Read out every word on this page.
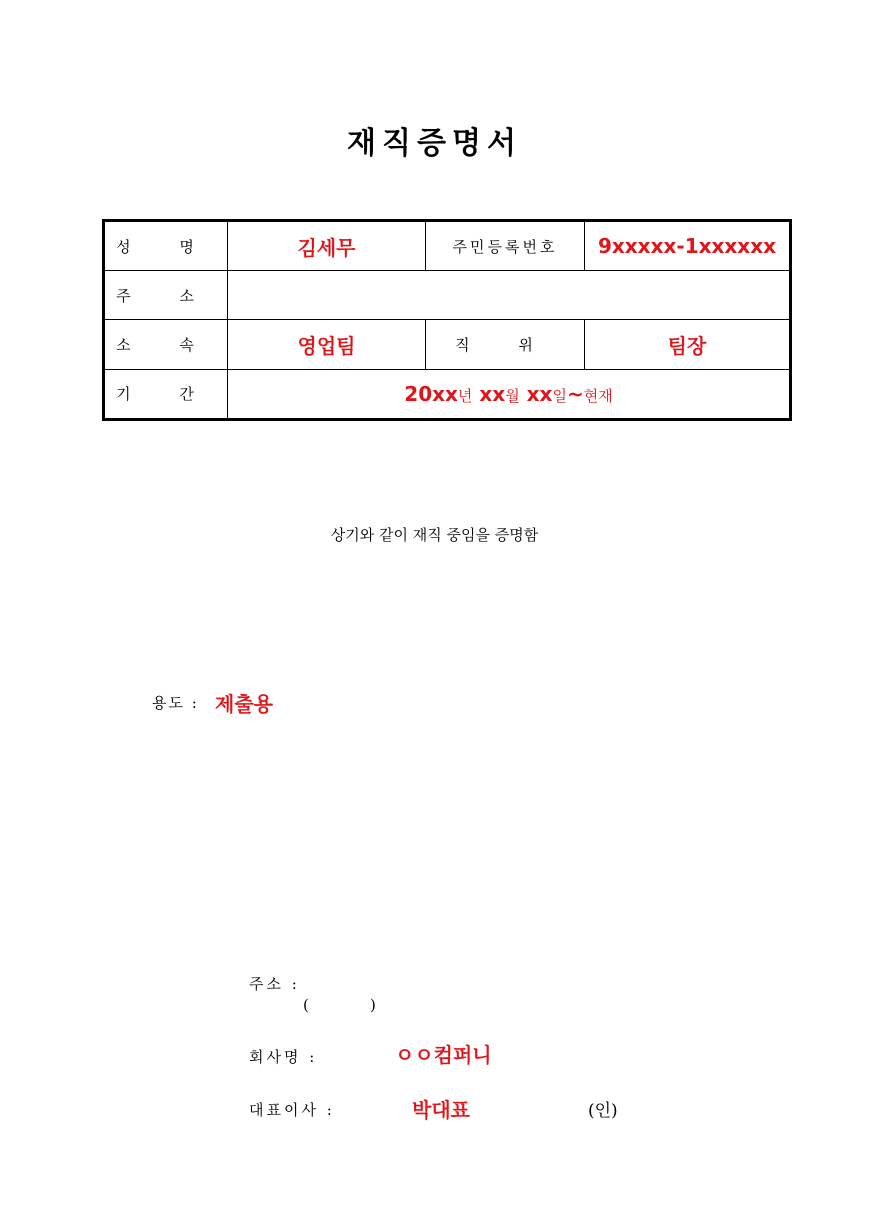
재직증명서
성 명	김세무	주민등록번호	9xxxxx-1xxxxxx
주 소			
소 속	영업팀	직 위	팀장
기 간	20xx년 xx월 xx일~현재		
상기와 같이 재직 중임을 증명함
용도 : 제출용
주소 :
(	)
회사명 :	ㅇㅇ컴퍼니
대표이사 :	박대표	(인)
